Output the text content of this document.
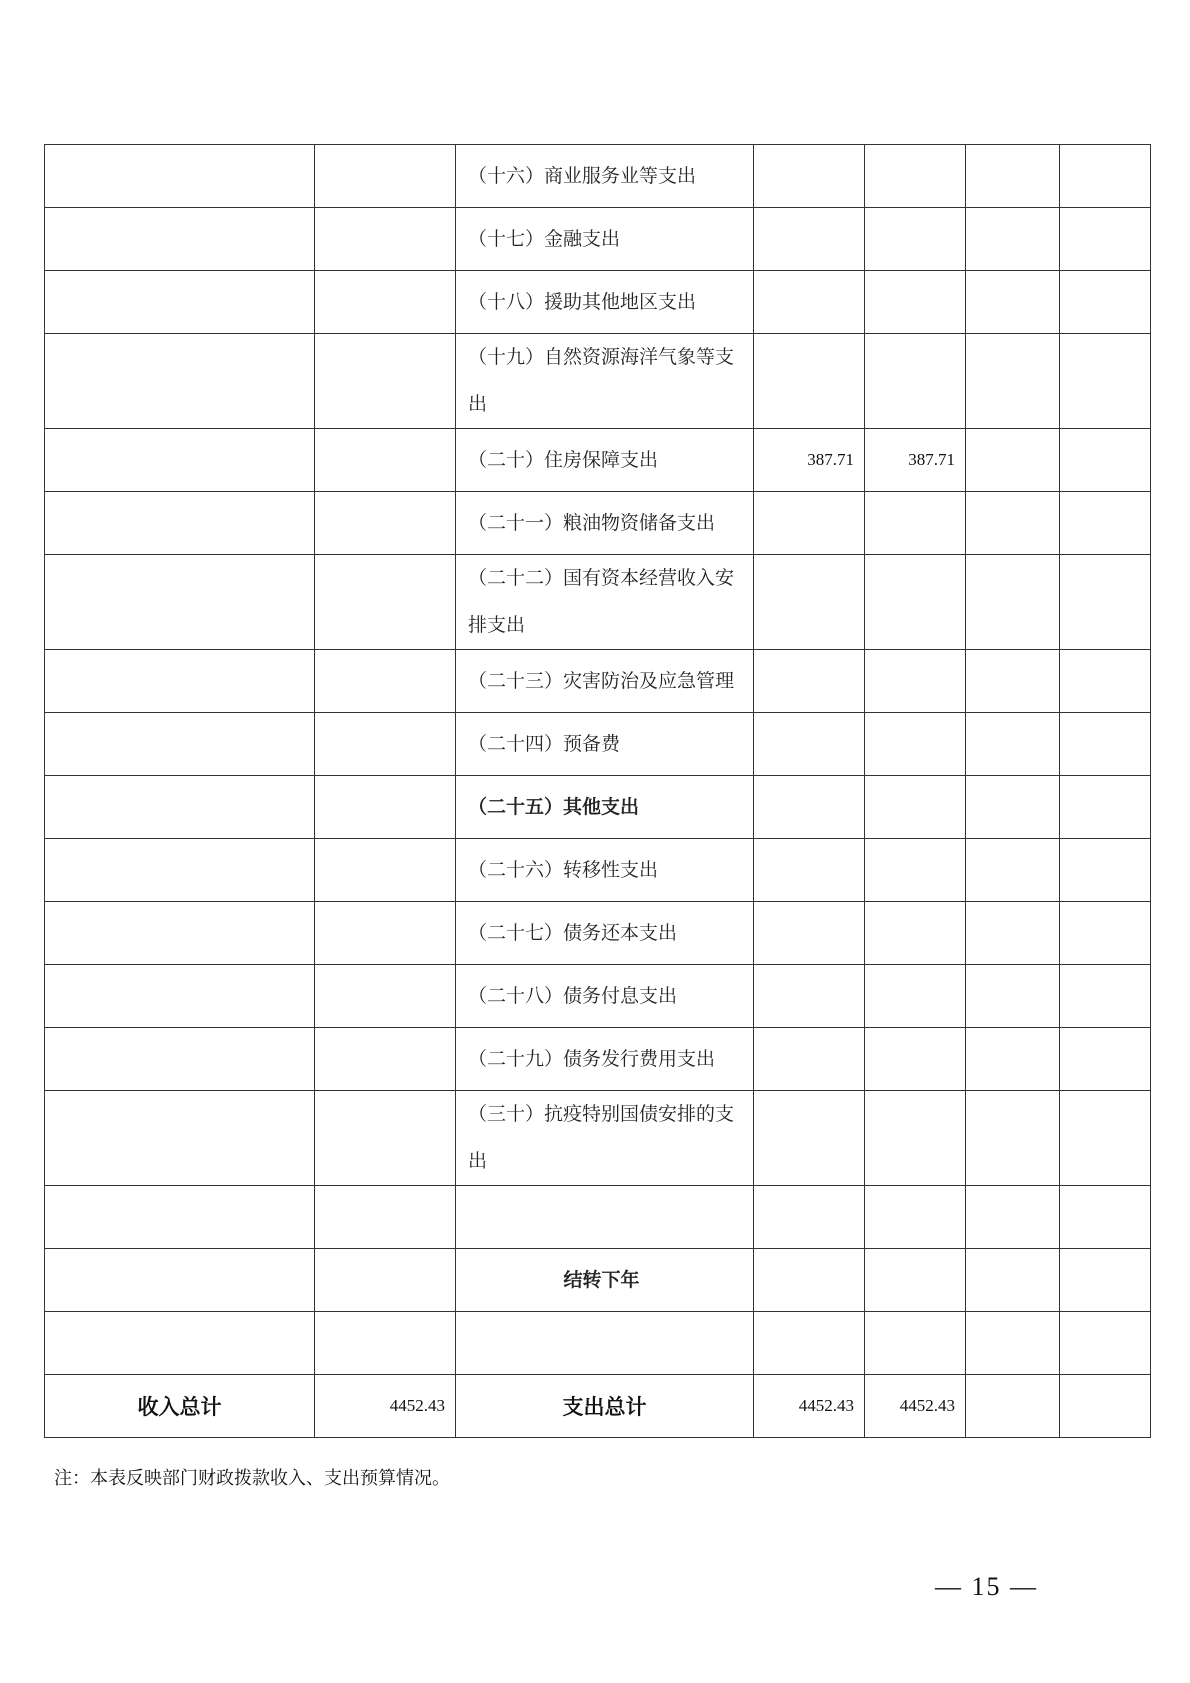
		（十六）商业服务业等支出				
		（十七）金融支出				
		（十八）援助其他地区支出				
		（十九）自然资源海洋气象等支出				
		（二十）住房保障支出	387.71	387.71		
		（二十一）粮油物资储备支出				
		（二十二）国有资本经营收入安排支出				
		（二十三）灾害防治及应急管理				
		（二十四）预备费				
		（二十五）其他支出				
		（二十六）转移性支出				
		（二十七）债务还本支出				
		（二十八）债务付息支出				
		（二十九）债务发行费用支出				
		（三十）抗疫特别国债安排的支出				

		结转下年				

收入总计	4452.43	支出总计	4452.43	4452.43		
注：本表反映部门财政拨款收入、支出预算情况。
— 15 —
